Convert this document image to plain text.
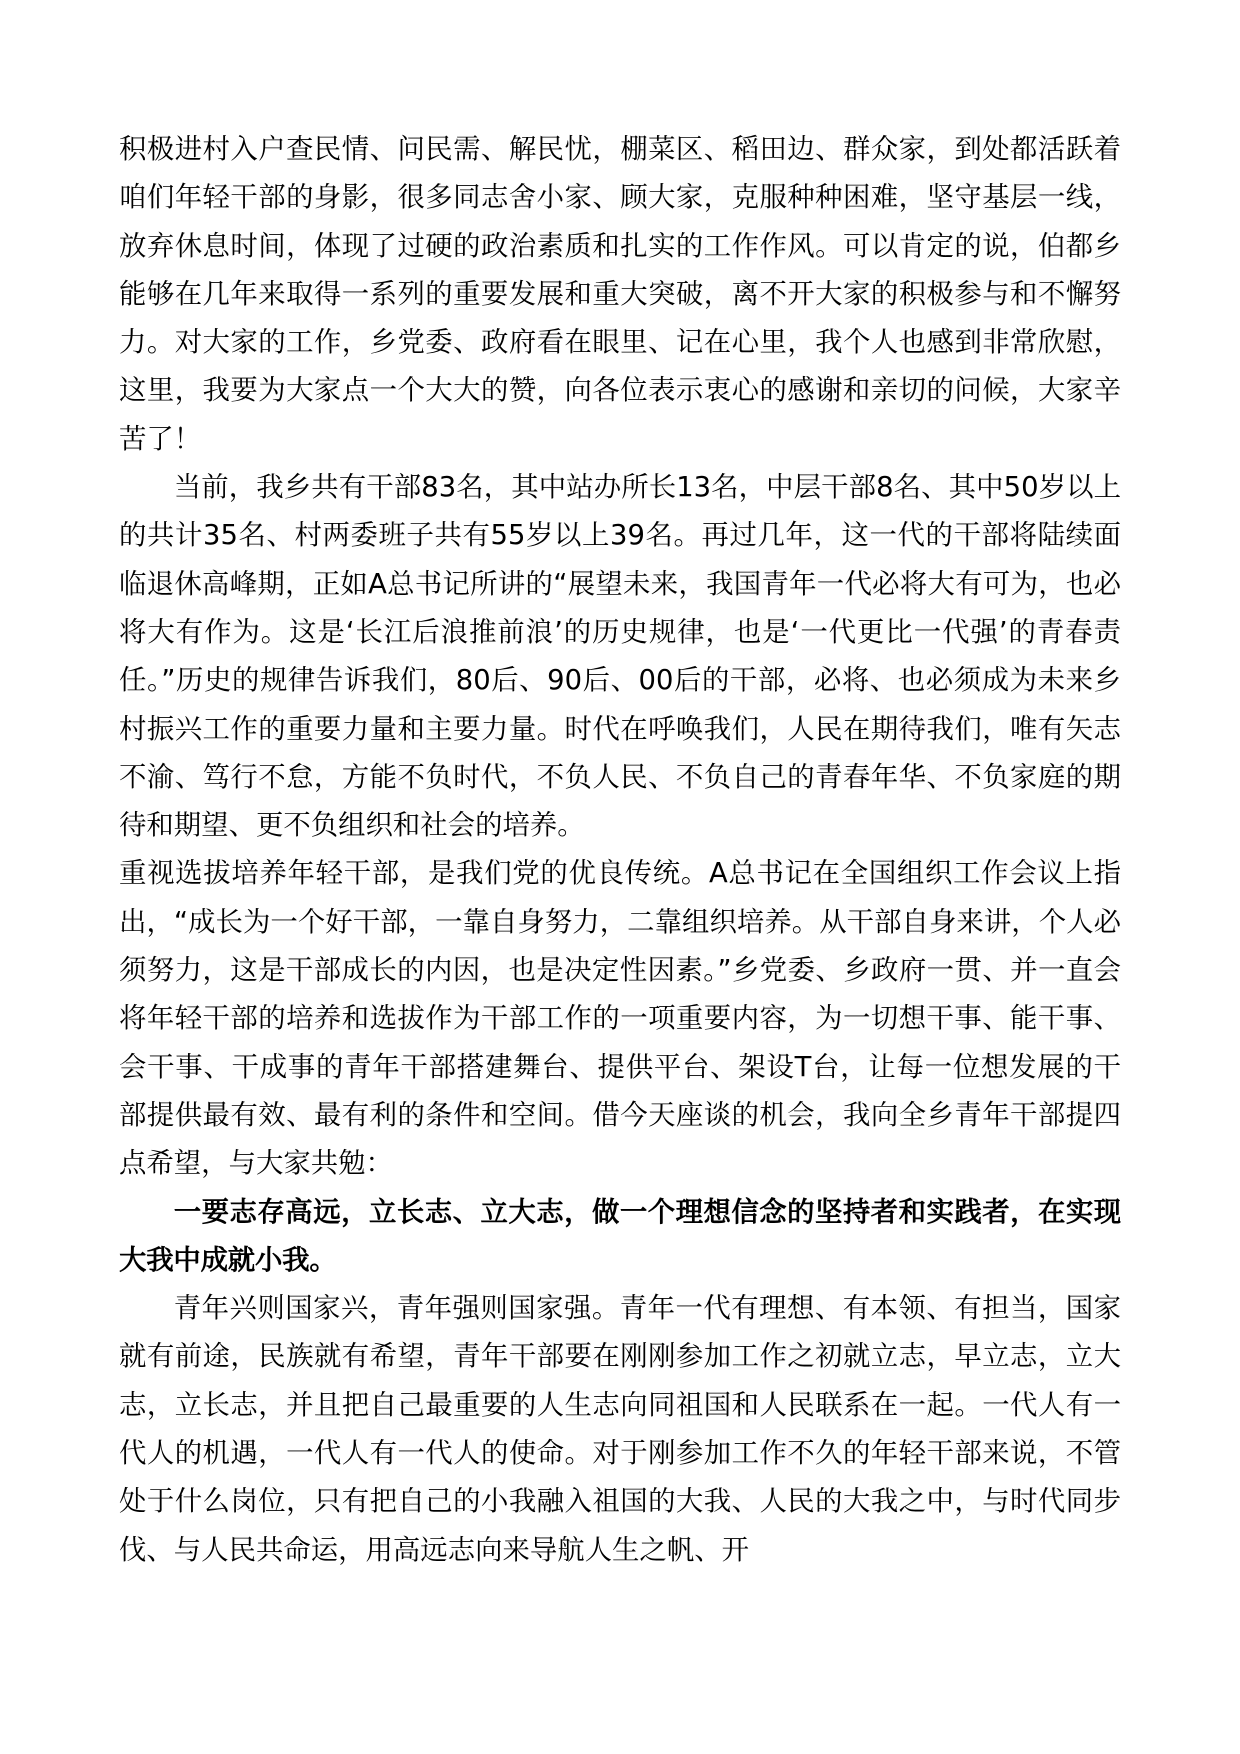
积极进村入户查民情、问民需、解民忧，棚菜区、稻田边、群众家，到处都活跃着咱们年轻干部的身影，很多同志舍小家、顾大家，克服种种困难，坚守基层一线，放弃休息时间，体现了过硬的政治素质和扎实的工作作风。可以肯定的说，伯都乡能够在几年来取得一系列的重要发展和重大突破，离不开大家的积极参与和不懈努力。对大家的工作，乡党委、政府看在眼里、记在心里，我个人也感到非常欣慰，这里，我要为大家点一个大大的赞，向各位表示衷心的感谢和亲切的问候，大家辛苦了！

当前，我乡共有干部83名，其中站办所长13名，中层干部8名、其中50岁以上的共计35名、村两委班子共有55岁以上39名。再过几年，这一代的干部将陆续面临退休高峰期，正如A总书记所讲的“展望未来，我国青年一代必将大有可为，也必将大有作为。这是‘长江后浪推前浪’的历史规律，也是‘一代更比一代强’的青春责任。”历史的规律告诉我们，80后、90后、00后的干部，必将、也必须成为未来乡村振兴工作的重要力量和主要力量。时代在呼唤我们，人民在期待我们，唯有矢志不渝、笃行不怠，方能不负时代，不负人民、不负自己的青春年华、不负家庭的期待和期望、更不负组织和社会的培养。

重视选拔培养年轻干部，是我们党的优良传统。A总书记在全国组织工作会议上指出，“成长为一个好干部，一靠自身努力，二靠组织培养。从干部自身来讲，个人必须努力，这是干部成长的内因，也是决定性因素。”乡党委、乡政府一贯、并一直会将年轻干部的培养和选拔作为干部工作的一项重要内容，为一切想干事、能干事、会干事、干成事的青年干部搭建舞台、提供平台、架设T台，让每一位想发展的干部提供最有效、最有利的条件和空间。借今天座谈的机会，我向全乡青年干部提四点希望，与大家共勉：

一要志存高远，立长志、立大志，做一个理想信念的坚持者和实践者，在实现大我中成就小我。

青年兴则国家兴，青年强则国家强。青年一代有理想、有本领、有担当，国家就有前途，民族就有希望，青年干部要在刚刚参加工作之初就立志，早立志，立大志，立长志，并且把自己最重要的人生志向同祖国和人民联系在一起。一代人有一代人的机遇，一代人有一代人的使命。对于刚参加工作不久的年轻干部来说，不管处于什么岗位，只有把自己的小我融入祖国的大我、人民的大我之中，与时代同步伐、与人民共命运，用高远志向来导航人生之帆、开
